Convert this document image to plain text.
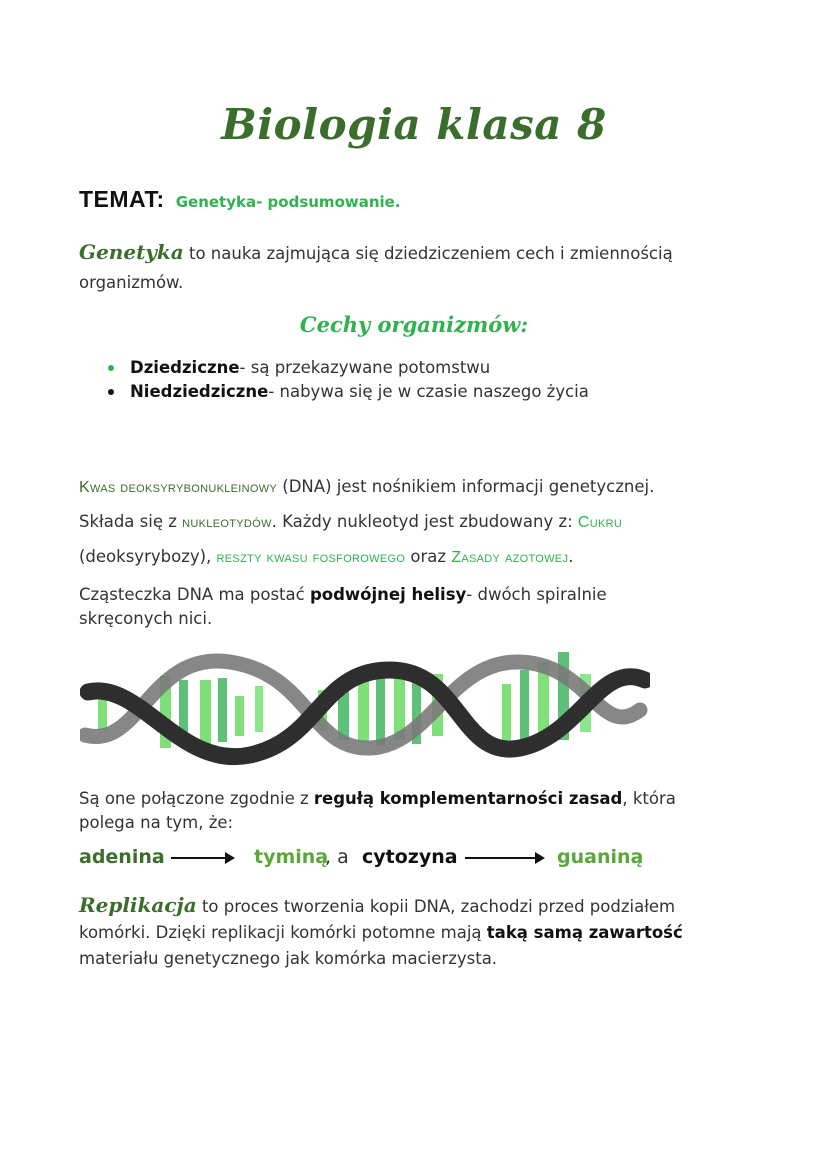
Biologia klasa 8
TEMAT: Genetyka- podsumowanie.
Genetyka to nauka zajmująca się dziedziczeniem cech i zmiennością
organizmów.
Cechy organizmów:
Dziedziczne- są przekazywane potomstwu
Niedziedziczne- nabywa się je w czasie naszego życia
Kwas deoksyrybonukleinowy (DNA) jest nośnikiem informacji genetycznej.
Składa się z nukleotydów. Każdy nukleotyd jest zbudowany z: Cukru
(deoksyrybozy), reszty kwasu fosforowego oraz Zasady azotowej.
Cząsteczka DNA ma postać podwójnej helisy- dwóch spiralnie
skręconych nici.
Są one połączone zgodnie z regułą komplementarności zasad, która
polega na tym, że:
adenina	tyminą
, a cytozyna	guaniną
Replikacja to proces tworzenia kopii DNA, zachodzi przed podziałem
komórki. Dzięki replikacji komórki potomne mają taką samą zawartość
materiału genetycznego jak komórka macierzysta.
